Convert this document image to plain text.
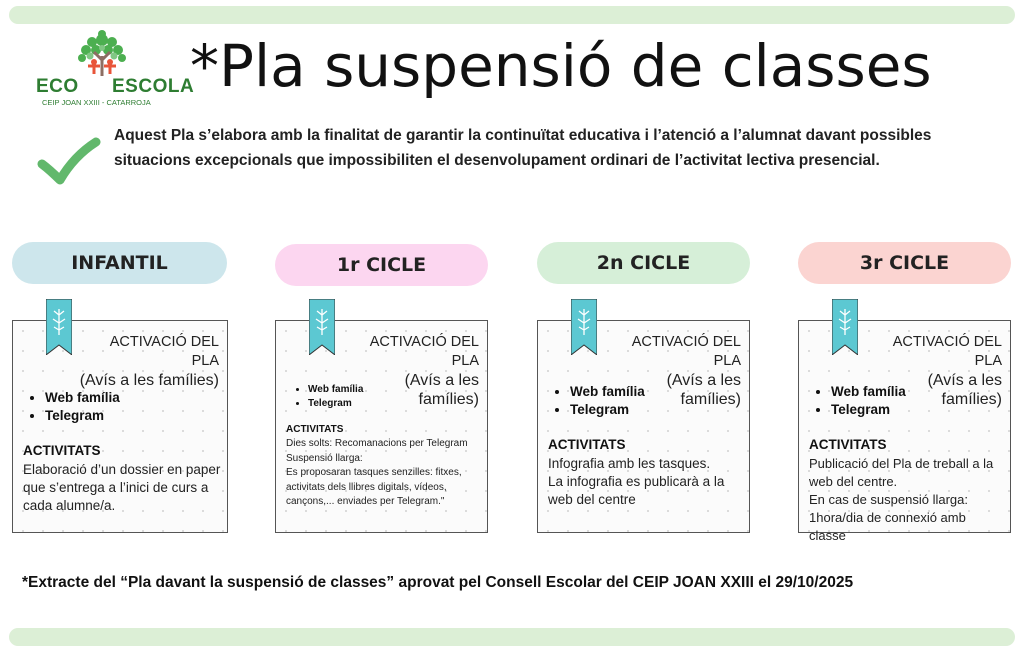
ECO ESCOLA
CEIP JOAN XXIII - CATARROJA
*Pla suspensió de classes

Aquest Pla s’elabora amb la finalitat de garantir la continuïtat educativa i l’atenció a l’alumnat davant possibles situacions excepcionals que impossibiliten el desenvolupament ordinari de l’activitat lectiva presencial.

INFANTIL	1r CICLE	2n CICLE	3r CICLE
ACTIVACIÓ DEL PLA
(Avís a les famílies)
• Web família
• Telegram
ACTIVITATS
Elaboració d’un dossier en paper que s’entrega a l’inici de curs a cada alumne/a.
ACTIVACIÓ DEL PLA
(Avís a les famílies)
• Web família
• Telegram
ACTIVITATS
Dies solts: Recomanacions per Telegram
Suspensió llarga:
Es proposaran tasques senzilles: fitxes, activitats dels llibres digitals, vídeos, cançons,... enviades per Telegram."
ACTIVACIÓ DEL PLA
(Avís a les famílies)
• Web família
• Telegram
ACTIVITATS
Infografia amb les tasques.
La infografia es publicarà a la web del centre
ACTIVACIÓ DEL PLA
(Avís a les famílies)
• Web família
• Telegram
ACTIVITATS
Publicació del Pla de treball a la web del centre.
En cas de suspensió llarga:
1hora/dia de connexió amb classe

*Extracte del “Pla davant la suspensió de classes” aprovat pel Consell Escolar del CEIP JOAN XXIII el 29/10/2025
